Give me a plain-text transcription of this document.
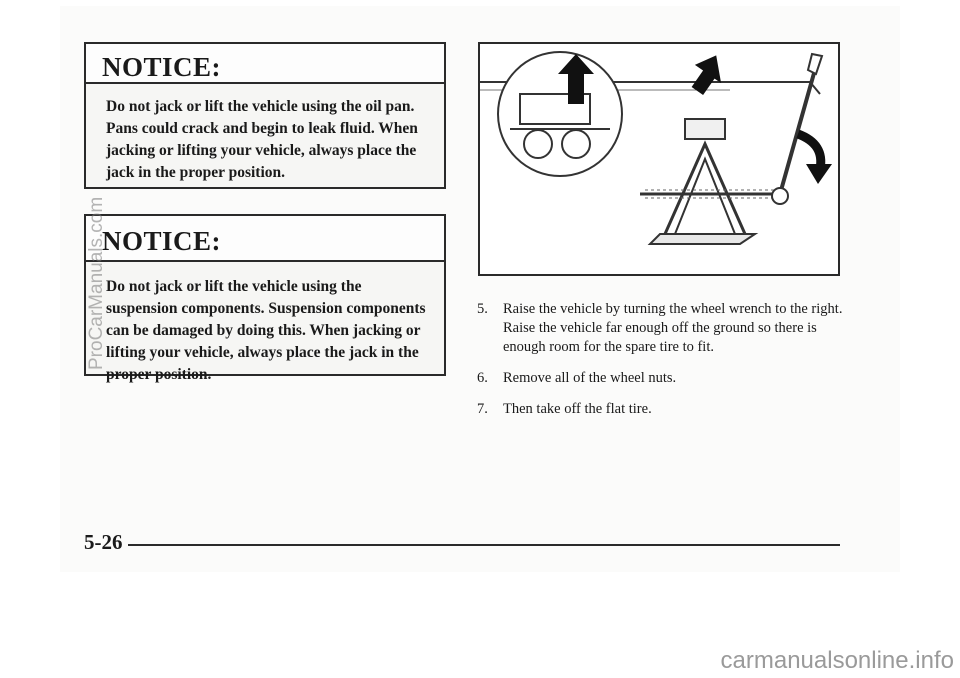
NOTICE:
Do not jack or lift the vehicle using the oil pan. Pans could crack and begin to leak fluid. When jacking or lifting your vehicle, always place the jack in the proper position.
NOTICE:
Do not jack or lift the vehicle using the suspension components. Suspension components can be damaged by doing this. When jacking or lifting your vehicle, always place the jack in the proper position.
5. Raise the vehicle by turning the wheel wrench to the right. Raise the vehicle far enough off the ground so there is enough room for the spare tire to fit.
6. Remove all of the wheel nuts.
7. Then take off the flat tire.
5-26
ProCarManuals.com
carmanualsonline.info
